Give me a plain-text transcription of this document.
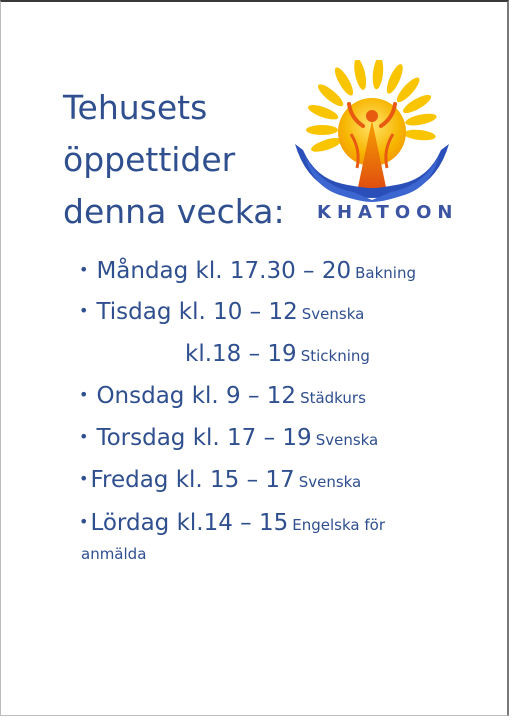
Tehusets
öppettider
denna vecka: KHATOON
• Måndag kl. 17.30 – 20 Bakning
• Tisdag kl. 10 – 12 Svenska
kl.18 – 19 Stickning
• Onsdag kl. 9 – 12 Städkurs
• Torsdag kl. 17 – 19 Svenska
•Fredag kl. 15 – 17 Svenska
•Lördag kl.14 – 15 Engelska för
anmälda
